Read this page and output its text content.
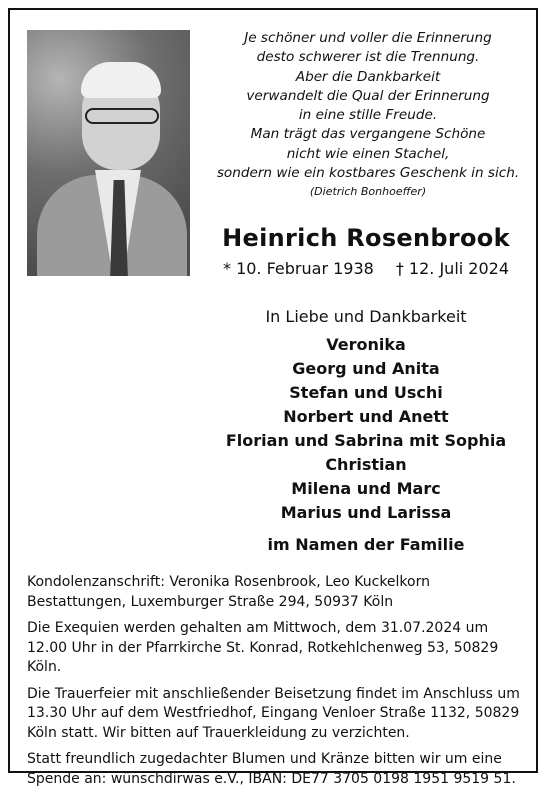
Je schöner und voller die Erinnerung
desto schwerer ist die Trennung.
Aber die Dankbarkeit
verwandelt die Qual der Erinnerung
in eine stille Freude.
Man trägt das vergangene Schöne
nicht wie einen Stachel,
sondern wie ein kostbares Geschenk in sich.
(Dietrich Bonhoeffer)
Heinrich Rosenbrook
* 10. Februar 1938 † 12. Juli 2024
In Liebe und Dankbarkeit
Veronika
Georg und Anita
Stefan und Uschi
Norbert und Anett
Florian und Sabrina mit Sophia
Christian
Milena und Marc
Marius und Larissa
im Namen der Familie

Kondolenzanschrift: Veronika Rosenbrook, Leo Kuckelkorn Bestattungen, Luxemburger Straße 294, 50937 Köln

Die Exequien werden gehalten am Mittwoch, dem 31.07.2024 um 12.00 Uhr in der Pfarrkirche St. Konrad, Rotkehlchenweg 53, 50829 Köln.

Die Trauerfeier mit anschließender Beisetzung findet im Anschluss um 13.30 Uhr auf dem Westfriedhof, Eingang Venloer Straße 1132, 50829 Köln statt. Wir bitten auf Trauerkleidung zu verzichten.

Statt freundlich zugedachter Blumen und Kränze bitten wir um eine Spende an: wünschdirwas e.V., IBAN: DE77 3705 0198 1951 9519 51.
